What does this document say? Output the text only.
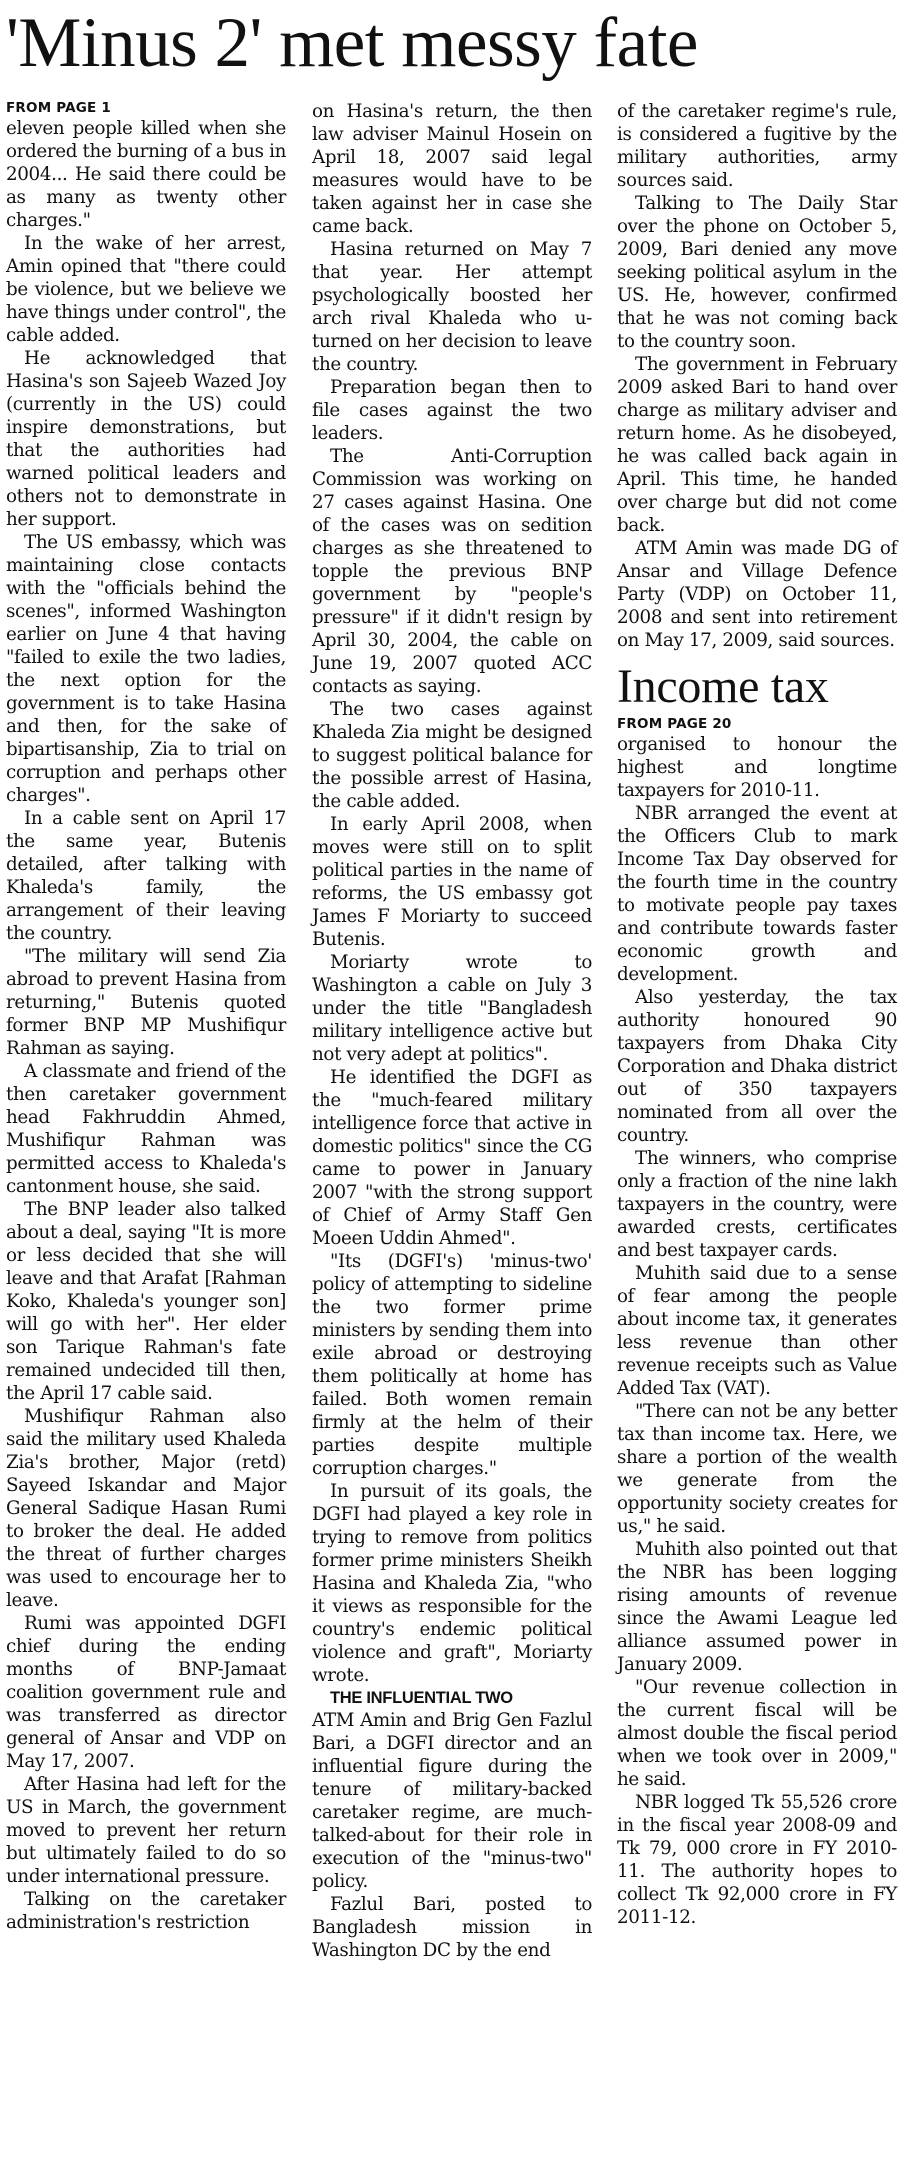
'Minus 2' met messy fate
FROM PAGE 1

eleven people killed when she ordered the burning of a bus in 2004... He said there could be as many as twenty other charges."

In the wake of her arrest, Amin opined that "there could be violence, but we believe we have things under control", the cable added.

He acknowledged that Hasina's son Sajeeb Wazed Joy (currently in the US) could inspire demonstrations, but that the authorities had warned political leaders and others not to demonstrate in her support.

The US embassy, which was maintaining close contacts with the "officials behind the scenes", informed Washington earlier on June 4 that having "failed to exile the two ladies, the next option for the government is to take Hasina and then, for the sake of bipartisanship, Zia to trial on corruption and perhaps other charges".

In a cable sent on April 17 the same year, Butenis detailed, after talking with Khaleda's family, the arrangement of their leaving the country.

"The military will send Zia abroad to prevent Hasina from returning," Butenis quoted former BNP MP Mushifiqur Rahman as saying.

A classmate and friend of the then caretaker government head Fakhruddin Ahmed, Mushifiqur Rahman was permitted access to Khaleda's cantonment house, she said.

The BNP leader also talked about a deal, saying "It is more or less decided that she will leave and that Arafat [Rahman Koko, Khaleda's younger son] will go with her". Her elder son Tarique Rahman's fate remained undecided till then, the April 17 cable said.

Mushifiqur Rahman also said the military used Khaleda Zia's brother, Major (retd) Sayeed Iskandar and Major General Sadique Hasan Rumi to broker the deal. He added the threat of further charges was used to encourage her to leave.

Rumi was appointed DGFI chief during the ending months of BNP-Jamaat coalition government rule and was transferred as director general of Ansar and VDP on May 17, 2007.

After Hasina had left for the US in March, the government moved to prevent her return but ultimately failed to do so under international pressure.

Talking on the caretaker administration's restriction

on Hasina's return, the then law adviser Mainul Hosein on April 18, 2007 said legal measures would have to be taken against her in case she came back.

Hasina returned on May 7 that year. Her attempt psychologically boosted her arch rival Khaleda who u-turned on her decision to leave the country.

Preparation began then to file cases against the two leaders.

The Anti-Corruption Commission was working on 27 cases against Hasina. One of the cases was on sedition charges as she threatened to topple the previous BNP government by "people's pressure" if it didn't resign by April 30, 2004, the cable on June 19, 2007 quoted ACC contacts as saying.

The two cases against Khaleda Zia might be designed to suggest political balance for the possible arrest of Hasina, the cable added.

In early April 2008, when moves were still on to split political parties in the name of reforms, the US embassy got James F Moriarty to succeed Butenis.

Moriarty wrote to Washington a cable on July 3 under the title "Bangladesh military intelligence active but not very adept at politics".

He identified the DGFI as the "much-feared military intelligence force that active in domestic politics" since the CG came to power in January 2007 "with the strong support of Chief of Army Staff Gen Moeen Uddin Ahmed".

"Its (DGFI's) 'minus-two' policy of attempting to sideline the two former prime ministers by sending them into exile abroad or destroying them politically at home has failed. Both women remain firmly at the helm of their parties despite multiple corruption charges."

In pursuit of its goals, the DGFI had played a key role in trying to remove from politics former prime ministers Sheikh Hasina and Khaleda Zia, "who it views as responsible for the country's endemic political violence and graft", Moriarty wrote.

THE INFLUENTIAL TWO

ATM Amin and Brig Gen Fazlul Bari, a DGFI director and an influential figure during the tenure of military-backed caretaker regime, are much-talked-about for their role in execution of the "minus-two" policy.

Fazlul Bari, posted to Bangladesh mission in Washington DC by the end

of the caretaker regime's rule, is considered a fugitive by the military authorities, army sources said.

Talking to The Daily Star over the phone on October 5, 2009, Bari denied any move seeking political asylum in the US. He, however, confirmed that he was not coming back to the country soon.

The government in February 2009 asked Bari to hand over charge as military adviser and return home. As he disobeyed, he was called back again in April. This time, he handed over charge but did not come back.

ATM Amin was made DG of Ansar and Village Defence Party (VDP) on October 11, 2008 and sent into retirement on May 17, 2009, said sources.

Income tax
FROM PAGE 20

organised to honour the highest and longtime taxpayers for 2010-11.

NBR arranged the event at the Officers Club to mark Income Tax Day observed for the fourth time in the country to motivate people pay taxes and contribute towards faster economic growth and development.

Also yesterday, the tax authority honoured 90 taxpayers from Dhaka City Corporation and Dhaka district out of 350 taxpayers nominated from all over the country.

The winners, who comprise only a fraction of the nine lakh taxpayers in the country, were awarded crests, certificates and best taxpayer cards.

Muhith said due to a sense of fear among the people about income tax, it generates less revenue than other revenue receipts such as Value Added Tax (VAT).

"There can not be any better tax than income tax. Here, we share a portion of the wealth we generate from the opportunity society creates for us," he said.

Muhith also pointed out that the NBR has been logging rising amounts of revenue since the Awami League led alliance assumed power in January 2009.

"Our revenue collection in the current fiscal will be almost double the fiscal period when we took over in 2009," he said.

NBR logged Tk 55,526 crore in the fiscal year 2008-09 and Tk 79, 000 crore in FY 2010-11. The authority hopes to collect Tk 92,000 crore in FY 2011-12.
